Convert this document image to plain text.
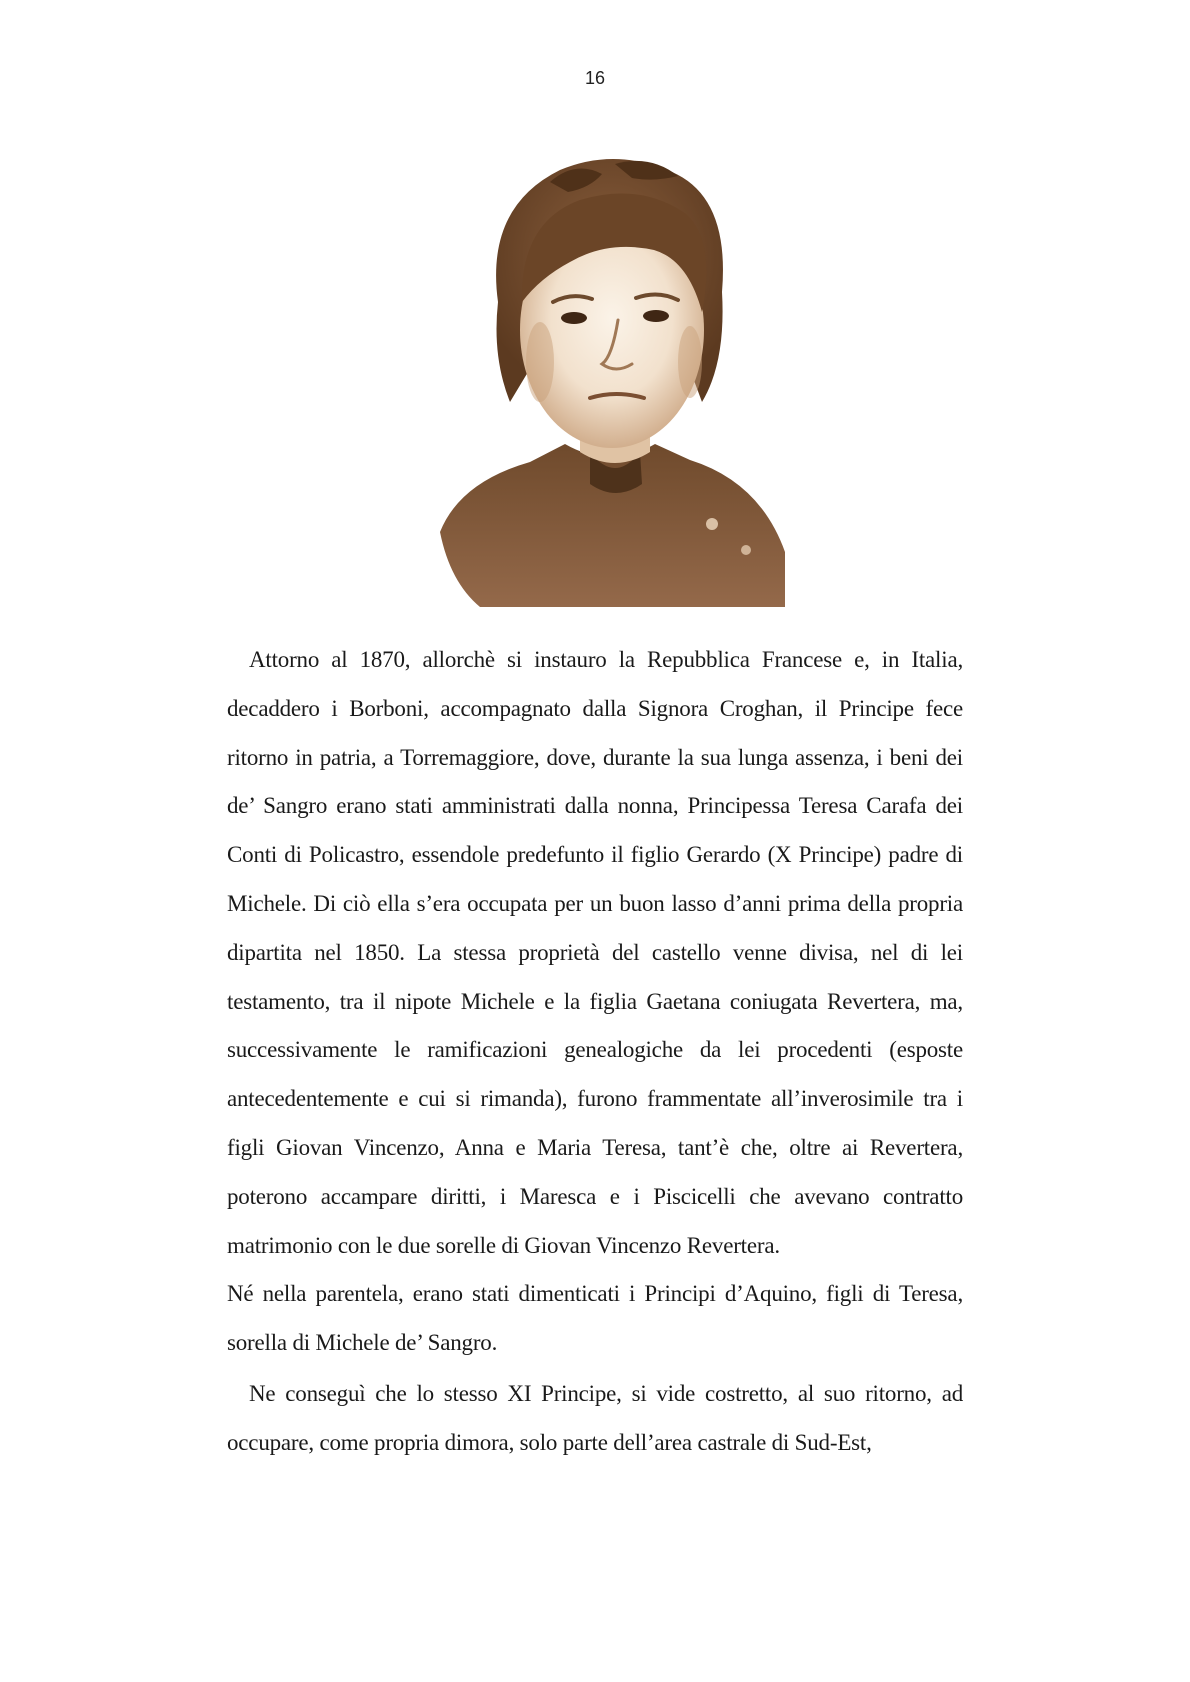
16

Attorno al 1870, allorchè si instauro la Repubblica Francese e, in Italia, decaddero i Borboni, accompagnato dalla Signora Croghan, il Principe fece ritorno in patria, a Torremaggiore, dove, durante la sua lunga assenza, i beni dei de’ Sangro erano stati amministrati dalla nonna, Principessa Teresa Carafa dei Conti di Policastro, essendole predefunto il figlio Gerardo (X Principe) padre di Michele. Di ciò ella s’era occupata per un buon lasso d’anni prima della propria dipartita nel 1850. La stessa proprietà del castello venne divisa, nel di lei testamento, tra il nipote Michele e la figlia Gaetana coniugata Revertera, ma, successivamente le ramificazioni genealogiche da lei procedenti (esposte antecedentemente e cui si rimanda), furono frammentate all’inverosimile tra i figli Giovan Vincenzo, Anna e Maria Teresa, tant’è che, oltre ai Revertera, poterono accampare diritti, i Maresca e i Piscicelli che avevano contratto matrimonio con le due sorelle di Giovan Vincenzo Revertera.

Né nella parentela, erano stati dimenticati i Principi d’Aquino, figli di Teresa, sorella di Michele de’ Sangro.

Ne conseguì che lo stesso XI Principe, si vide costretto, al suo ritorno, ad occupare, come propria dimora, solo parte dell’area castrale di Sud-Est,
